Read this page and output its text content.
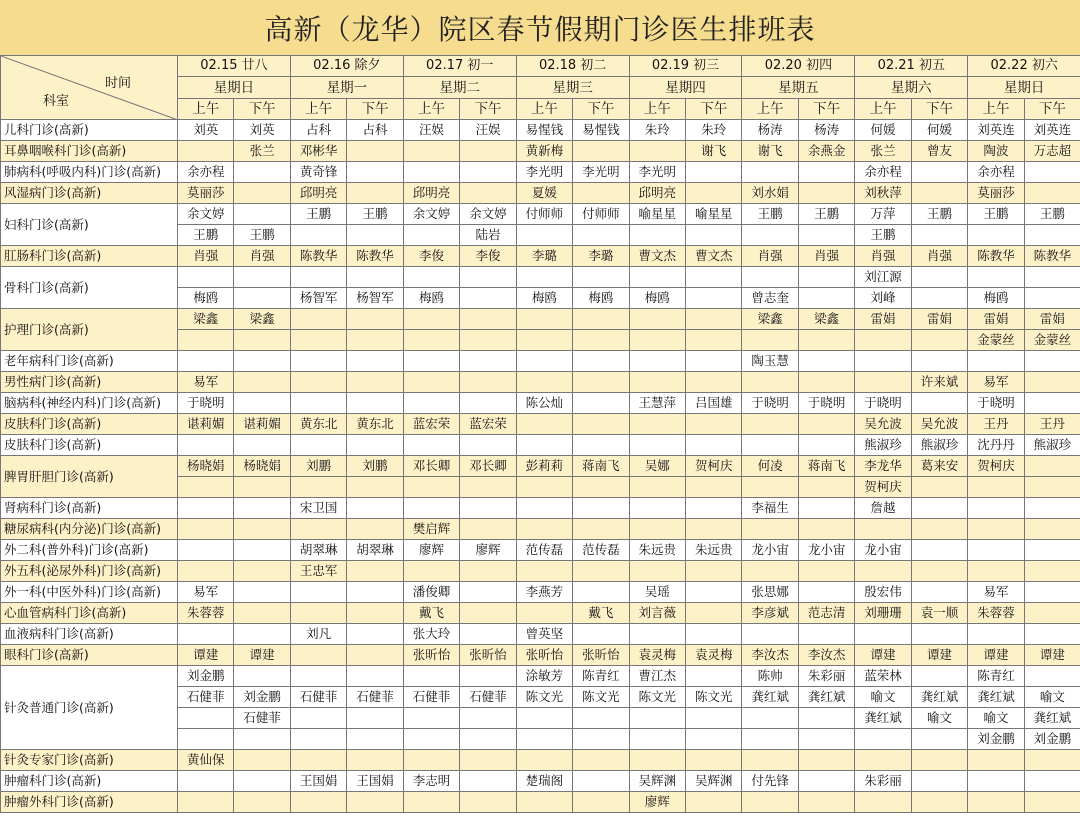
高新（龙华）院区春节假期门诊医生排班表
时间
科室	02.15 廿八		02.16 除夕		02.17 初一		02.18 初二		02.19 初三		02.20 初四		02.21 初五		02.22 初六	
	星期日		星期一		星期二		星期三		星期四		星期五		星期六		星期日	
	上午	下午	上午	下午	上午	下午	上午	下午	上午	下午	上午	下午	上午	下午	上午	下午
儿科门诊(高新)	刘英	刘英	占科	占科	汪娱	汪娱	易惺钱	易惺钱	朱玲	朱玲	杨涛	杨涛	何媛	何媛	刘英连	刘英连
耳鼻咽喉科门诊(高新)		张兰	邓彬华				黄新梅			谢飞	谢飞	余燕金	张兰	曾友	陶波	万志超
肺病科(呼吸内科)门诊(高新)	余亦程		黄奇锋				李光明	李光明	李光明				余亦程		余亦程	
风湿病门诊(高新)	莫丽莎		邱明亮		邱明亮		夏媛		邱明亮		刘水娟		刘秋萍		莫丽莎	
妇科门诊(高新)	余文婷		王鹏	王鹏	余文婷	余文婷	付师师	付师师	喻星星	喻星星	王鹏	王鹏	万萍	王鹏	王鹏	王鹏
	王鹏	王鹏				陆岩							王鹏			
肛肠科门诊(高新)	肖强	肖强	陈教华	陈教华	李俊	李俊	李璐	李璐	曹文杰	曹文杰	肖强	肖强	肖强	肖强	陈教华	陈教华
骨科门诊(高新)													刘江源			
	梅鸥		杨智军	杨智军	梅鸥		梅鸥	梅鸥	梅鸥		曾志奎		刘峰		梅鸥	
护理门诊(高新)	梁鑫	梁鑫									梁鑫	梁鑫	雷娟	雷娟	雷娟	雷娟
															金蒙丝	金蒙丝
老年病科门诊(高新)											陶玉慧					
男性病门诊(高新)	易军													许来斌	易军	
脑病科(神经内科)门诊(高新)	于晓明						陈公灿		王慧萍	吕国雄	于晓明	于晓明	于晓明		于晓明	
皮肤科门诊(高新)	谌莉媚	谌莉媚	黄东北	黄东北	蓝宏荣	蓝宏荣							吴允波	吴允波	王丹	王丹
皮肤科门诊(高新)													熊淑珍	熊淑珍	沈丹丹	熊淑珍
脾胃肝胆门诊(高新)	杨晓娟	杨晓娟	刘鹏	刘鹏	邓长卿	邓长卿	彭莉莉	蒋南飞	吴娜	贺柯庆	何凌	蒋南飞	李龙华	葛来安	贺柯庆	
													贺柯庆			
肾病科门诊(高新)			宋卫国								李福生		詹越			
糖尿病科(内分泌)门诊(高新)					樊启辉											
外二科(普外科)门诊(高新)			胡翠琳	胡翠琳	廖辉	廖辉	范传磊	范传磊	朱远贵	朱远贵	龙小宙	龙小宙	龙小宙			
外五科(泌尿外科)门诊(高新)			王忠军													
外一科(中医外科)门诊(高新)	易军				潘俊卿		李燕芳		吴瑶		张思娜		殷宏伟		易军	
心血管病科门诊(高新)	朱蓉蓉				戴飞			戴飞	刘言薇		李彦斌	范志清	刘珊珊	袁一顺	朱蓉蓉	
血液病科门诊(高新)			刘凡		张大玲		曾英坚									
眼科门诊(高新)	谭建	谭建			张昕怡	张昕怡	张昕怡	张昕怡	袁灵梅	袁灵梅	李汝杰	李汝杰	谭建	谭建	谭建	谭建
针灸普通门诊(高新)	刘金鹏						涂敏芳	陈青红	曹江杰		陈帅	朱彩丽	蓝荣林		陈青红	
	石健菲	刘金鹏	石健菲	石健菲	石健菲	石健菲	陈文光	陈文光	陈文光	陈文光	龚红斌	龚红斌	喻文	龚红斌	龚红斌	喻文
		石健菲											龚红斌	喻文	喻文	龚红斌
															刘金鹏	刘金鹏
针灸专家门诊(高新)	黄仙保															
肿瘤科门诊(高新)			王国娟	王国娟	李志明		楚瑞阁		吴辉渊	吴辉渊	付先锋		朱彩丽			
肿瘤外科门诊(高新)									廖辉							
